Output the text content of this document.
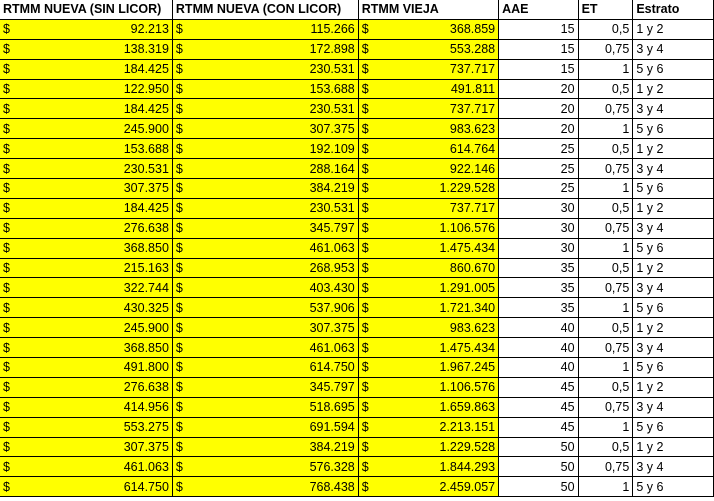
RTMM NUEVA (SIN LICOR)	RTMM NUEVA (CON LICOR)	RTMM VIEJA	AAE	ET	Estrato

$ 92.213	$ 115.266	$ 368.859	15	0,5	1 y 2

$ 138.319	$ 172.898	$ 553.288	15	0,75	3 y 4

$ 184.425	$ 230.531	$ 737.717	15	1	5 y 6

$ 122.950	$ 153.688	$ 491.811	20	0,5	1 y 2

$ 184.425	$ 230.531	$ 737.717	20	0,75	3 y 4

$ 245.900	$ 307.375	$ 983.623	20	1	5 y 6

$ 153.688	$ 192.109	$ 614.764	25	0,5	1 y 2

$ 230.531	$ 288.164	$ 922.146	25	0,75	3 y 4

$ 307.375	$ 384.219	$ 1.229.528	25	1	5 y 6

$ 184.425	$ 230.531	$ 737.717	30	0,5	1 y 2

$ 276.638	$ 345.797	$ 1.106.576	30	0,75	3 y 4

$ 368.850	$ 461.063	$ 1.475.434	30	1	5 y 6

$ 215.163	$ 268.953	$ 860.670	35	0,5	1 y 2

$ 322.744	$ 403.430	$ 1.291.005	35	0,75	3 y 4

$ 430.325	$ 537.906	$ 1.721.340	35	1	5 y 6

$ 245.900	$ 307.375	$ 983.623	40	0,5	1 y 2

$ 368.850	$ 461.063	$ 1.475.434	40	0,75	3 y 4

$ 491.800	$ 614.750	$ 1.967.245	40	1	5 y 6

$ 276.638	$ 345.797	$ 1.106.576	45	0,5	1 y 2

$ 414.956	$ 518.695	$ 1.659.863	45	0,75	3 y 4

$ 553.275	$ 691.594	$ 2.213.151	45	1	5 y 6

$ 307.375	$ 384.219	$ 1.229.528	50	0,5	1 y 2

$ 461.063	$ 576.328	$ 1.844.293	50	0,75	3 y 4

$ 614.750	$ 768.438	$ 2.459.057	50	1	5 y 6
